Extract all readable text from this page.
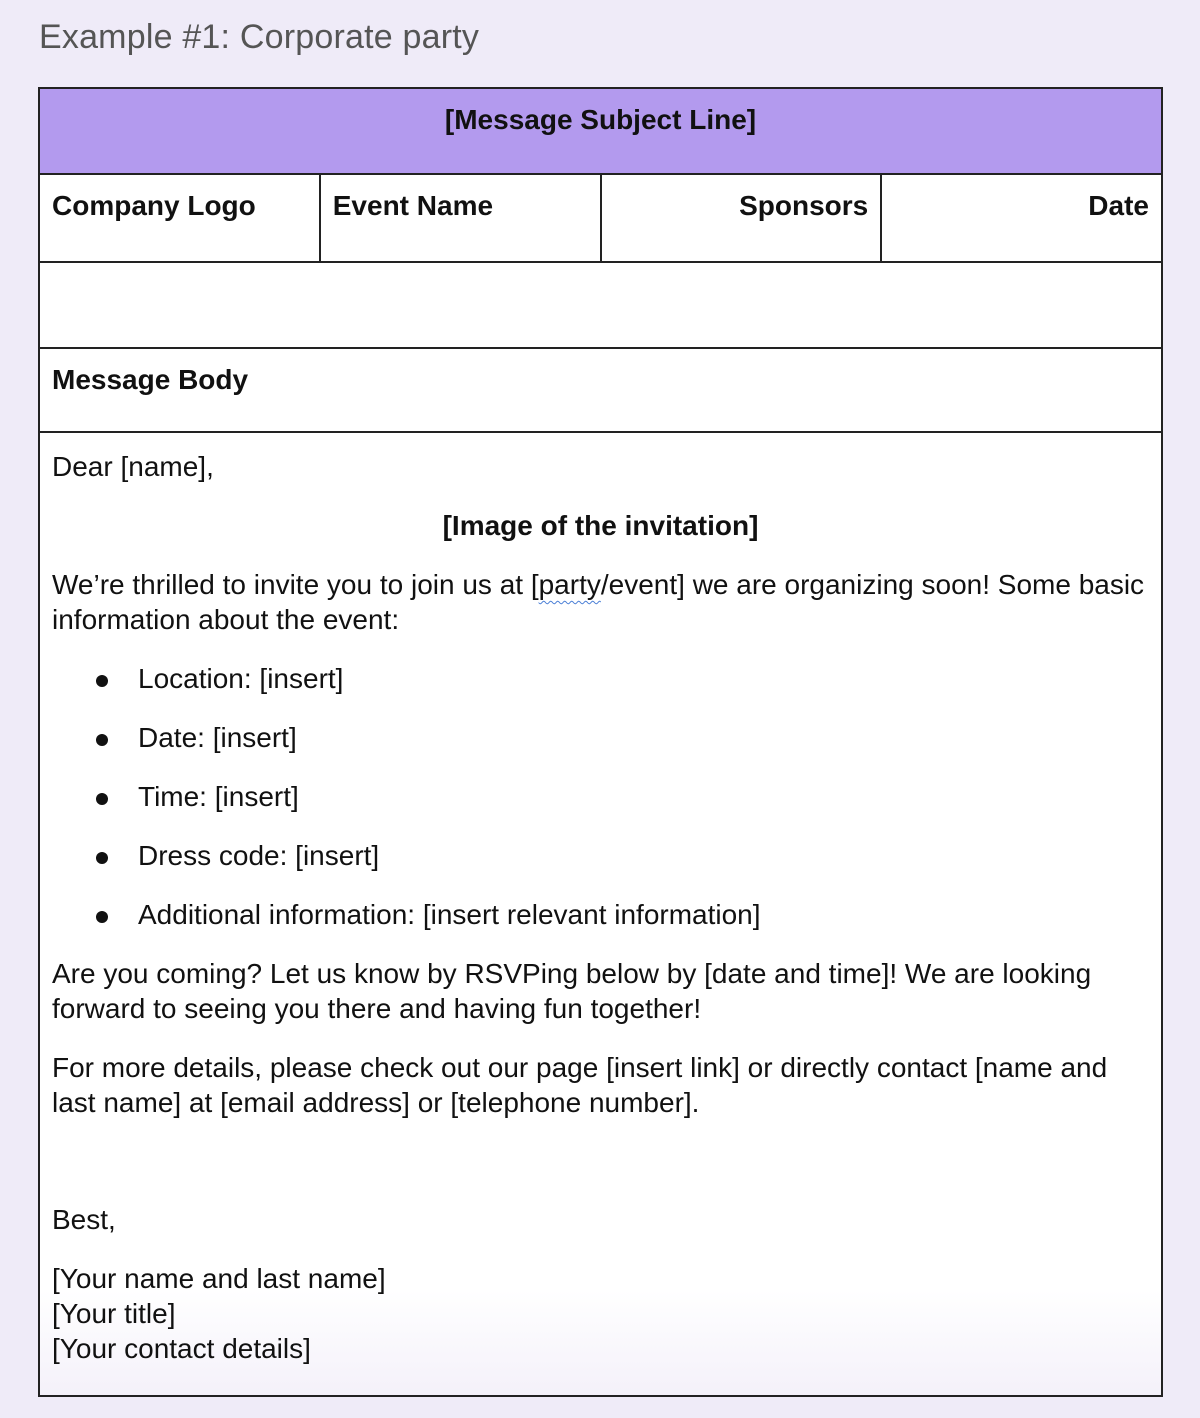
Example #1: Corporate party
[Message Subject Line]
Company Logo	Event Name	Sponsors	Date
Message Body

Dear [name],

[Image of the invitation]

We’re thrilled to invite you to join us at [party/event] we are organizing soon! Some basic information about the event:

Location: [insert]
Date: [insert]
Time: [insert]
Dress code: [insert]
Additional information: [insert relevant information]

Are you coming? Let us know by RSVPing below by [date and time]! We are looking forward to seeing you there and having fun together!

For more details, please check out our page [insert link] or directly contact [name and last name] at [email address] or [telephone number].

Best,

[Your name and last name]
[Your title]
[Your contact details]
